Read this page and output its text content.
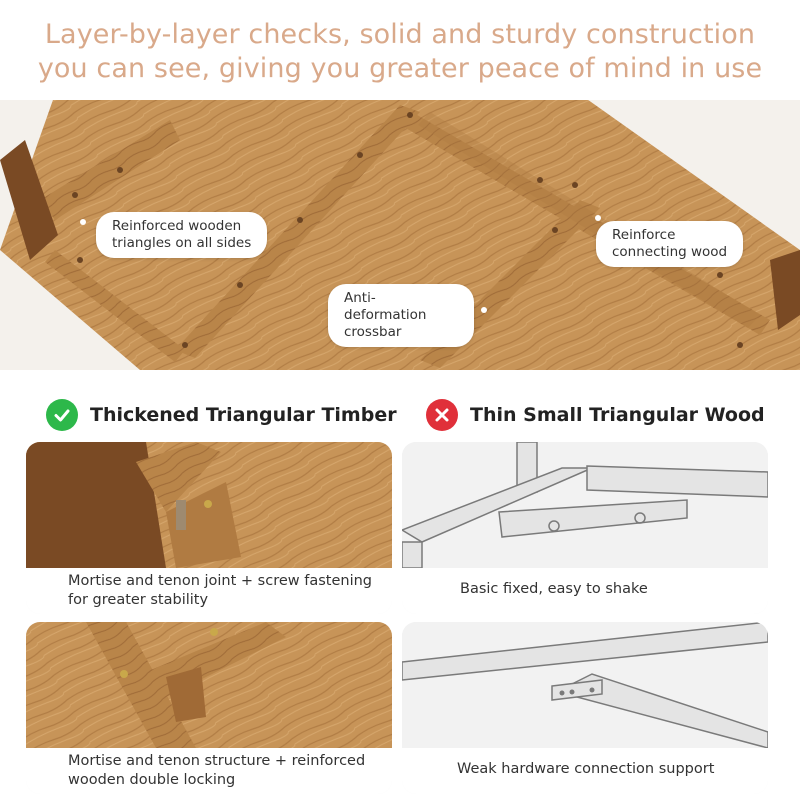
Layer-by-layer checks, solid and sturdy construction
you can see, giving you greater peace of mind in use
Reinforced wooden
triangles on all sides	Reinforce
connecting wood
Anti-deformation
crossbar
Thickened Triangular Timber	Thin Small Triangular Wood
Mortise and tenon joint + screw fastening
for greater stability
Basic fixed, easy to shake
Mortise and tenon structure + reinforced
wooden double locking
Weak hardware connection support
